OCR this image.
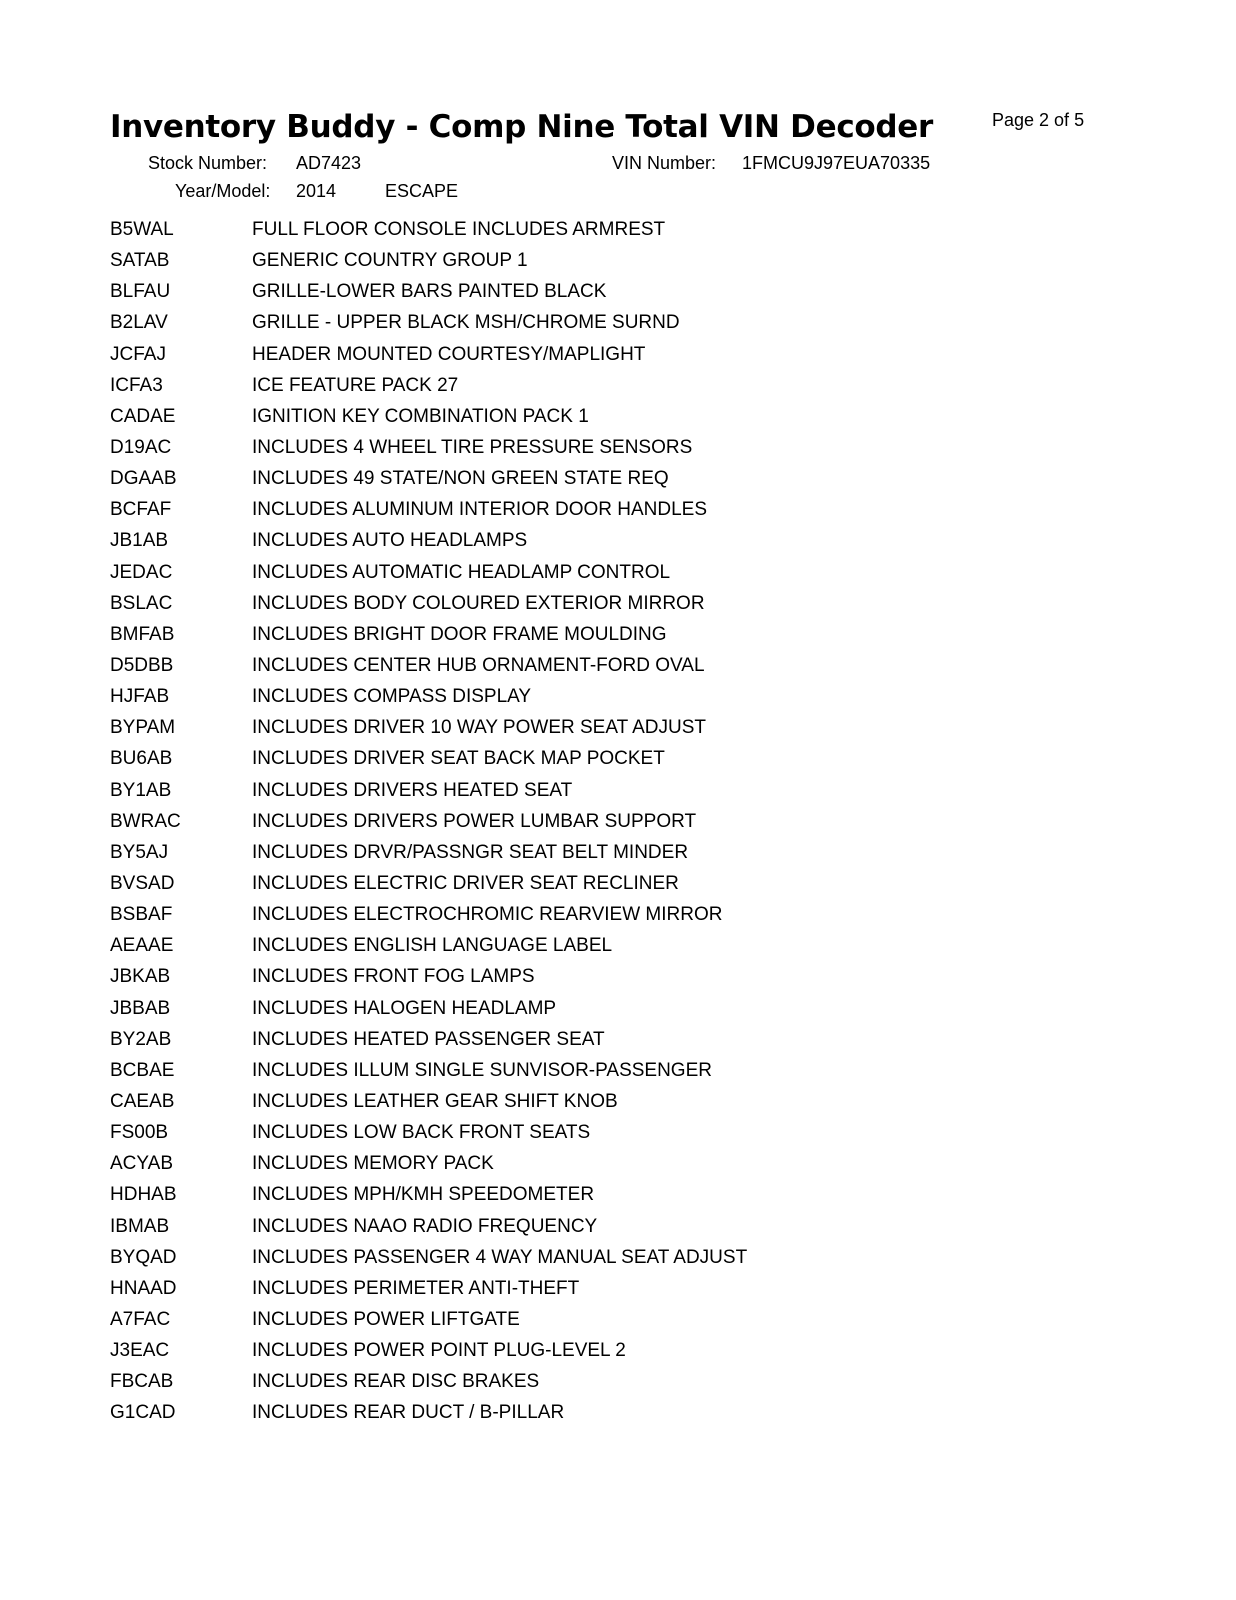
Inventory Buddy - Comp Nine Total VIN Decoder	Page 2 of 5
Stock Number: AD7423	VIN Number: 1FMCU9J97EUA70335
Year/Model: 2014	ESCAPE
B5WAL	FULL FLOOR CONSOLE INCLUDES ARMREST
SATAB	GENERIC COUNTRY GROUP 1
BLFAU	GRILLE-LOWER BARS PAINTED BLACK
B2LAV	GRILLE - UPPER BLACK MSH/CHROME SURND
JCFAJ	HEADER MOUNTED COURTESY/MAPLIGHT
ICFA3	ICE FEATURE PACK 27
CADAE	IGNITION KEY COMBINATION PACK 1
D19AC	INCLUDES 4 WHEEL TIRE PRESSURE SENSORS
DGAAB	INCLUDES 49 STATE/NON GREEN STATE REQ
BCFAF	INCLUDES ALUMINUM INTERIOR DOOR HANDLES
JB1AB	INCLUDES AUTO HEADLAMPS
JEDAC	INCLUDES AUTOMATIC HEADLAMP CONTROL
BSLAC	INCLUDES BODY COLOURED EXTERIOR MIRROR
BMFAB	INCLUDES BRIGHT DOOR FRAME MOULDING
D5DBB	INCLUDES CENTER HUB ORNAMENT-FORD OVAL
HJFAB	INCLUDES COMPASS DISPLAY
BYPAM	INCLUDES DRIVER 10 WAY POWER SEAT ADJUST
BU6AB	INCLUDES DRIVER SEAT BACK MAP POCKET
BY1AB	INCLUDES DRIVERS HEATED SEAT
BWRAC	INCLUDES DRIVERS POWER LUMBAR SUPPORT
BY5AJ	INCLUDES DRVR/PASSNGR SEAT BELT MINDER
BVSAD	INCLUDES ELECTRIC DRIVER SEAT RECLINER
BSBAF	INCLUDES ELECTROCHROMIC REARVIEW MIRROR
AEAAE	INCLUDES ENGLISH LANGUAGE LABEL
JBKAB	INCLUDES FRONT FOG LAMPS
JBBAB	INCLUDES HALOGEN HEADLAMP
BY2AB	INCLUDES HEATED PASSENGER SEAT
BCBAE	INCLUDES ILLUM SINGLE SUNVISOR-PASSENGER
CAEAB	INCLUDES LEATHER GEAR SHIFT KNOB
FS00B	INCLUDES LOW BACK FRONT SEATS
ACYAB	INCLUDES MEMORY PACK
HDHAB	INCLUDES MPH/KMH SPEEDOMETER
IBMAB	INCLUDES NAAO RADIO FREQUENCY
BYQAD	INCLUDES PASSENGER 4 WAY MANUAL SEAT ADJUST
HNAAD	INCLUDES PERIMETER ANTI-THEFT
A7FAC	INCLUDES POWER LIFTGATE
J3EAC	INCLUDES POWER POINT PLUG-LEVEL 2
FBCAB	INCLUDES REAR DISC BRAKES
G1CAD	INCLUDES REAR DUCT / B-PILLAR
